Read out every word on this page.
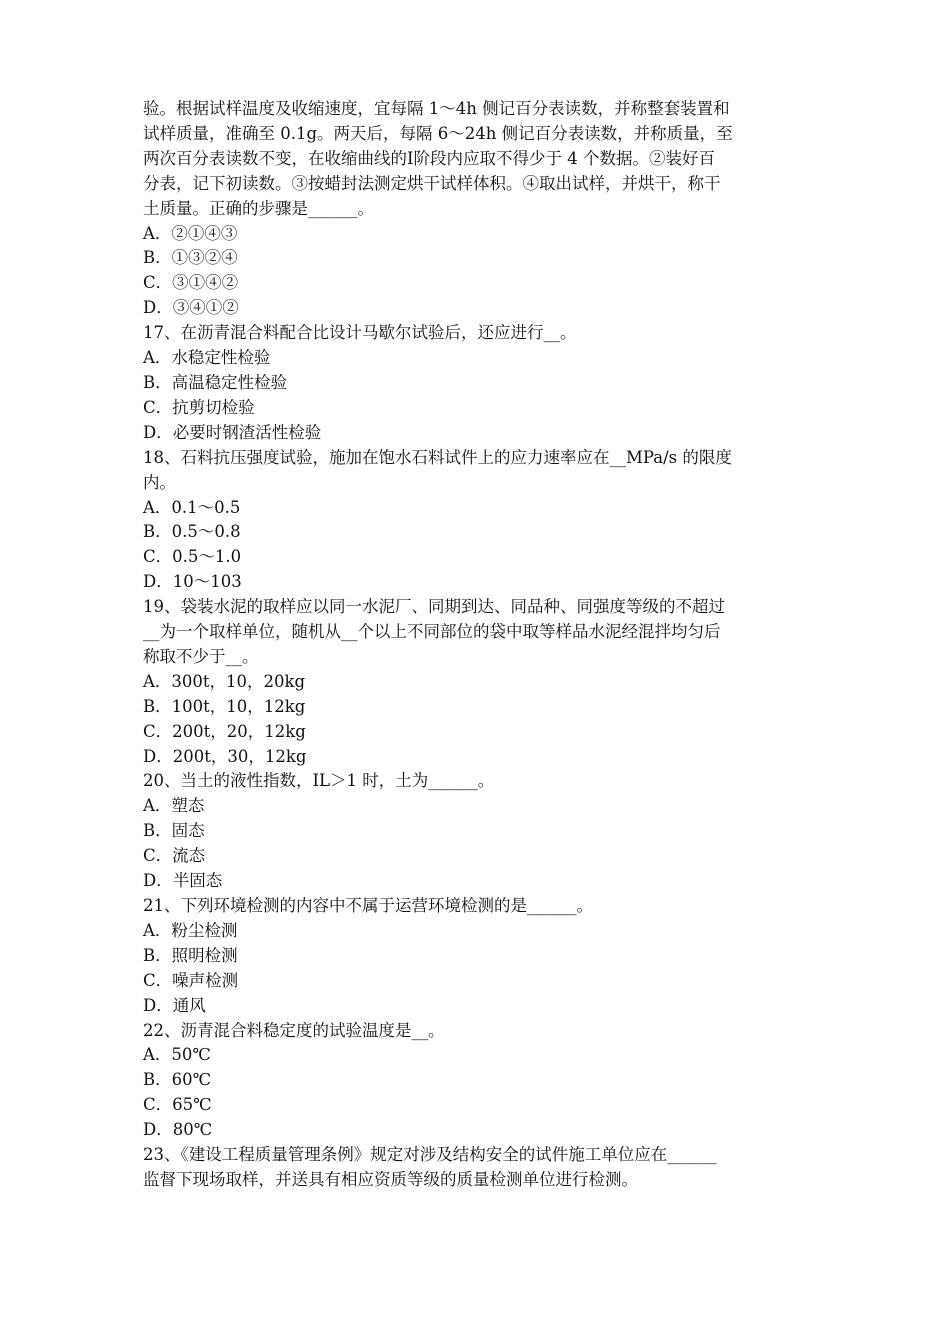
验。根据试样温度及收缩速度，宜每隔 1～4h 侧记百分表读数，并称整套装置和
试样质量，准确至 0.1g。两天后，每隔 6～24h 侧记百分表读数，并称质量，至
两次百分表读数不变，在收缩曲线的Ⅰ阶段内应取不得少于 4 个数据。②装好百
分表，记下初读数。③按蜡封法测定烘干试样体积。④取出试样，并烘干，称干
土质量。正确的步骤是______。
A．②①④③
B．①③②④
C．③①④②
D．③④①②
17、在沥青混合料配合比设计马歇尔试验后，还应进行__。
A．水稳定性检验
B．高温稳定性检验
C．抗剪切检验
D．必要时钢渣活性检验
18、石料抗压强度试验，施加在饱水石料试件上的应力速率应在__MPa/s 的限度
内。
A．0.1～0.5
B．0.5～0.8
C．0.5～1.0
D．10～103
19、袋装水泥的取样应以同一水泥厂、同期到达、同品种、同强度等级的不超过
__为一个取样单位，随机从__个以上不同部位的袋中取等样品水泥经混拌均匀后
称取不少于__。
A．300t，10，20kg
B．100t，10，12kg
C．200t，20，12kg
D．200t，30，12kg
20、当土的液性指数，IL＞1 时，土为______。
A．塑态
B．固态
C．流态
D．半固态
21、下列环境检测的内容中不属于运营环境检测的是______。
A．粉尘检测
B．照明检测
C．噪声检测
D．通风
22、沥青混合料稳定度的试验温度是__。
A．50℃
B．60℃
C．65℃
D．80℃
23、《建设工程质量管理条例》规定对涉及结构安全的试件施工单位应在______
监督下现场取样，并送具有相应资质等级的质量检测单位进行检测。
